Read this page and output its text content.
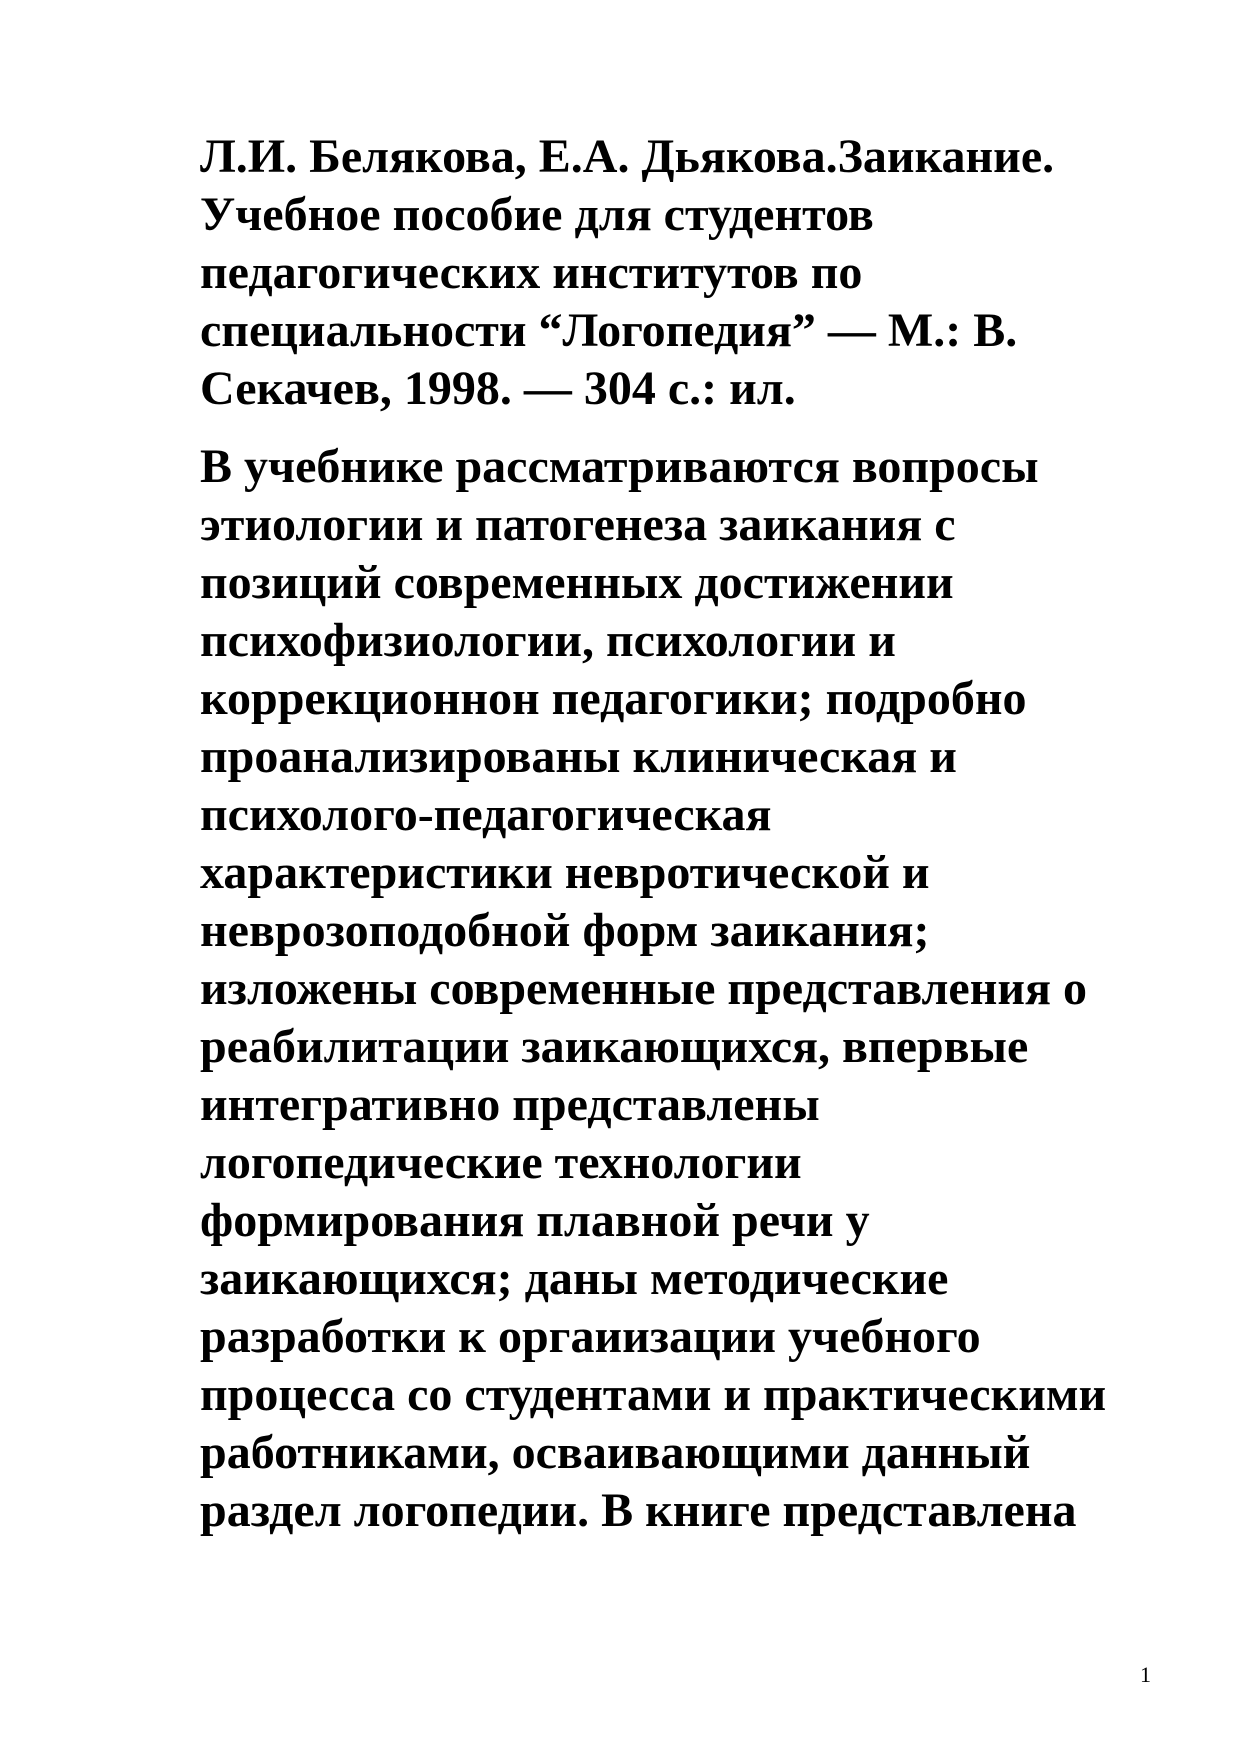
Л.И. Белякова, Е.А. Дьякова.Заикание.
Учебное пособие для студентов
педагогических институтов по
специальности “Логопедия” — М.: В.
Секачев, 1998. — 304 с.: ил.

В учебнике рассматриваются вопросы
этиологии и патогенеза заикания с
позиций современных достижении
психофизиологии, психологии и
коррекционнон педагогики; подробно
проанализированы клиническая и
психолого-педагогическая
характеристики невротической и
неврозоподобной форм заикания;
изложены современные представления о
реабилитации заикающихся, впервые
интегративно представлены
логопедические технологии
формирования плавной речи у
заикающихся; даны методические
разработки к оргаиизации учебного
процесса со студентами и практическими
работниками, осваивающими данный
раздел логопедии. В книге представлена

1
